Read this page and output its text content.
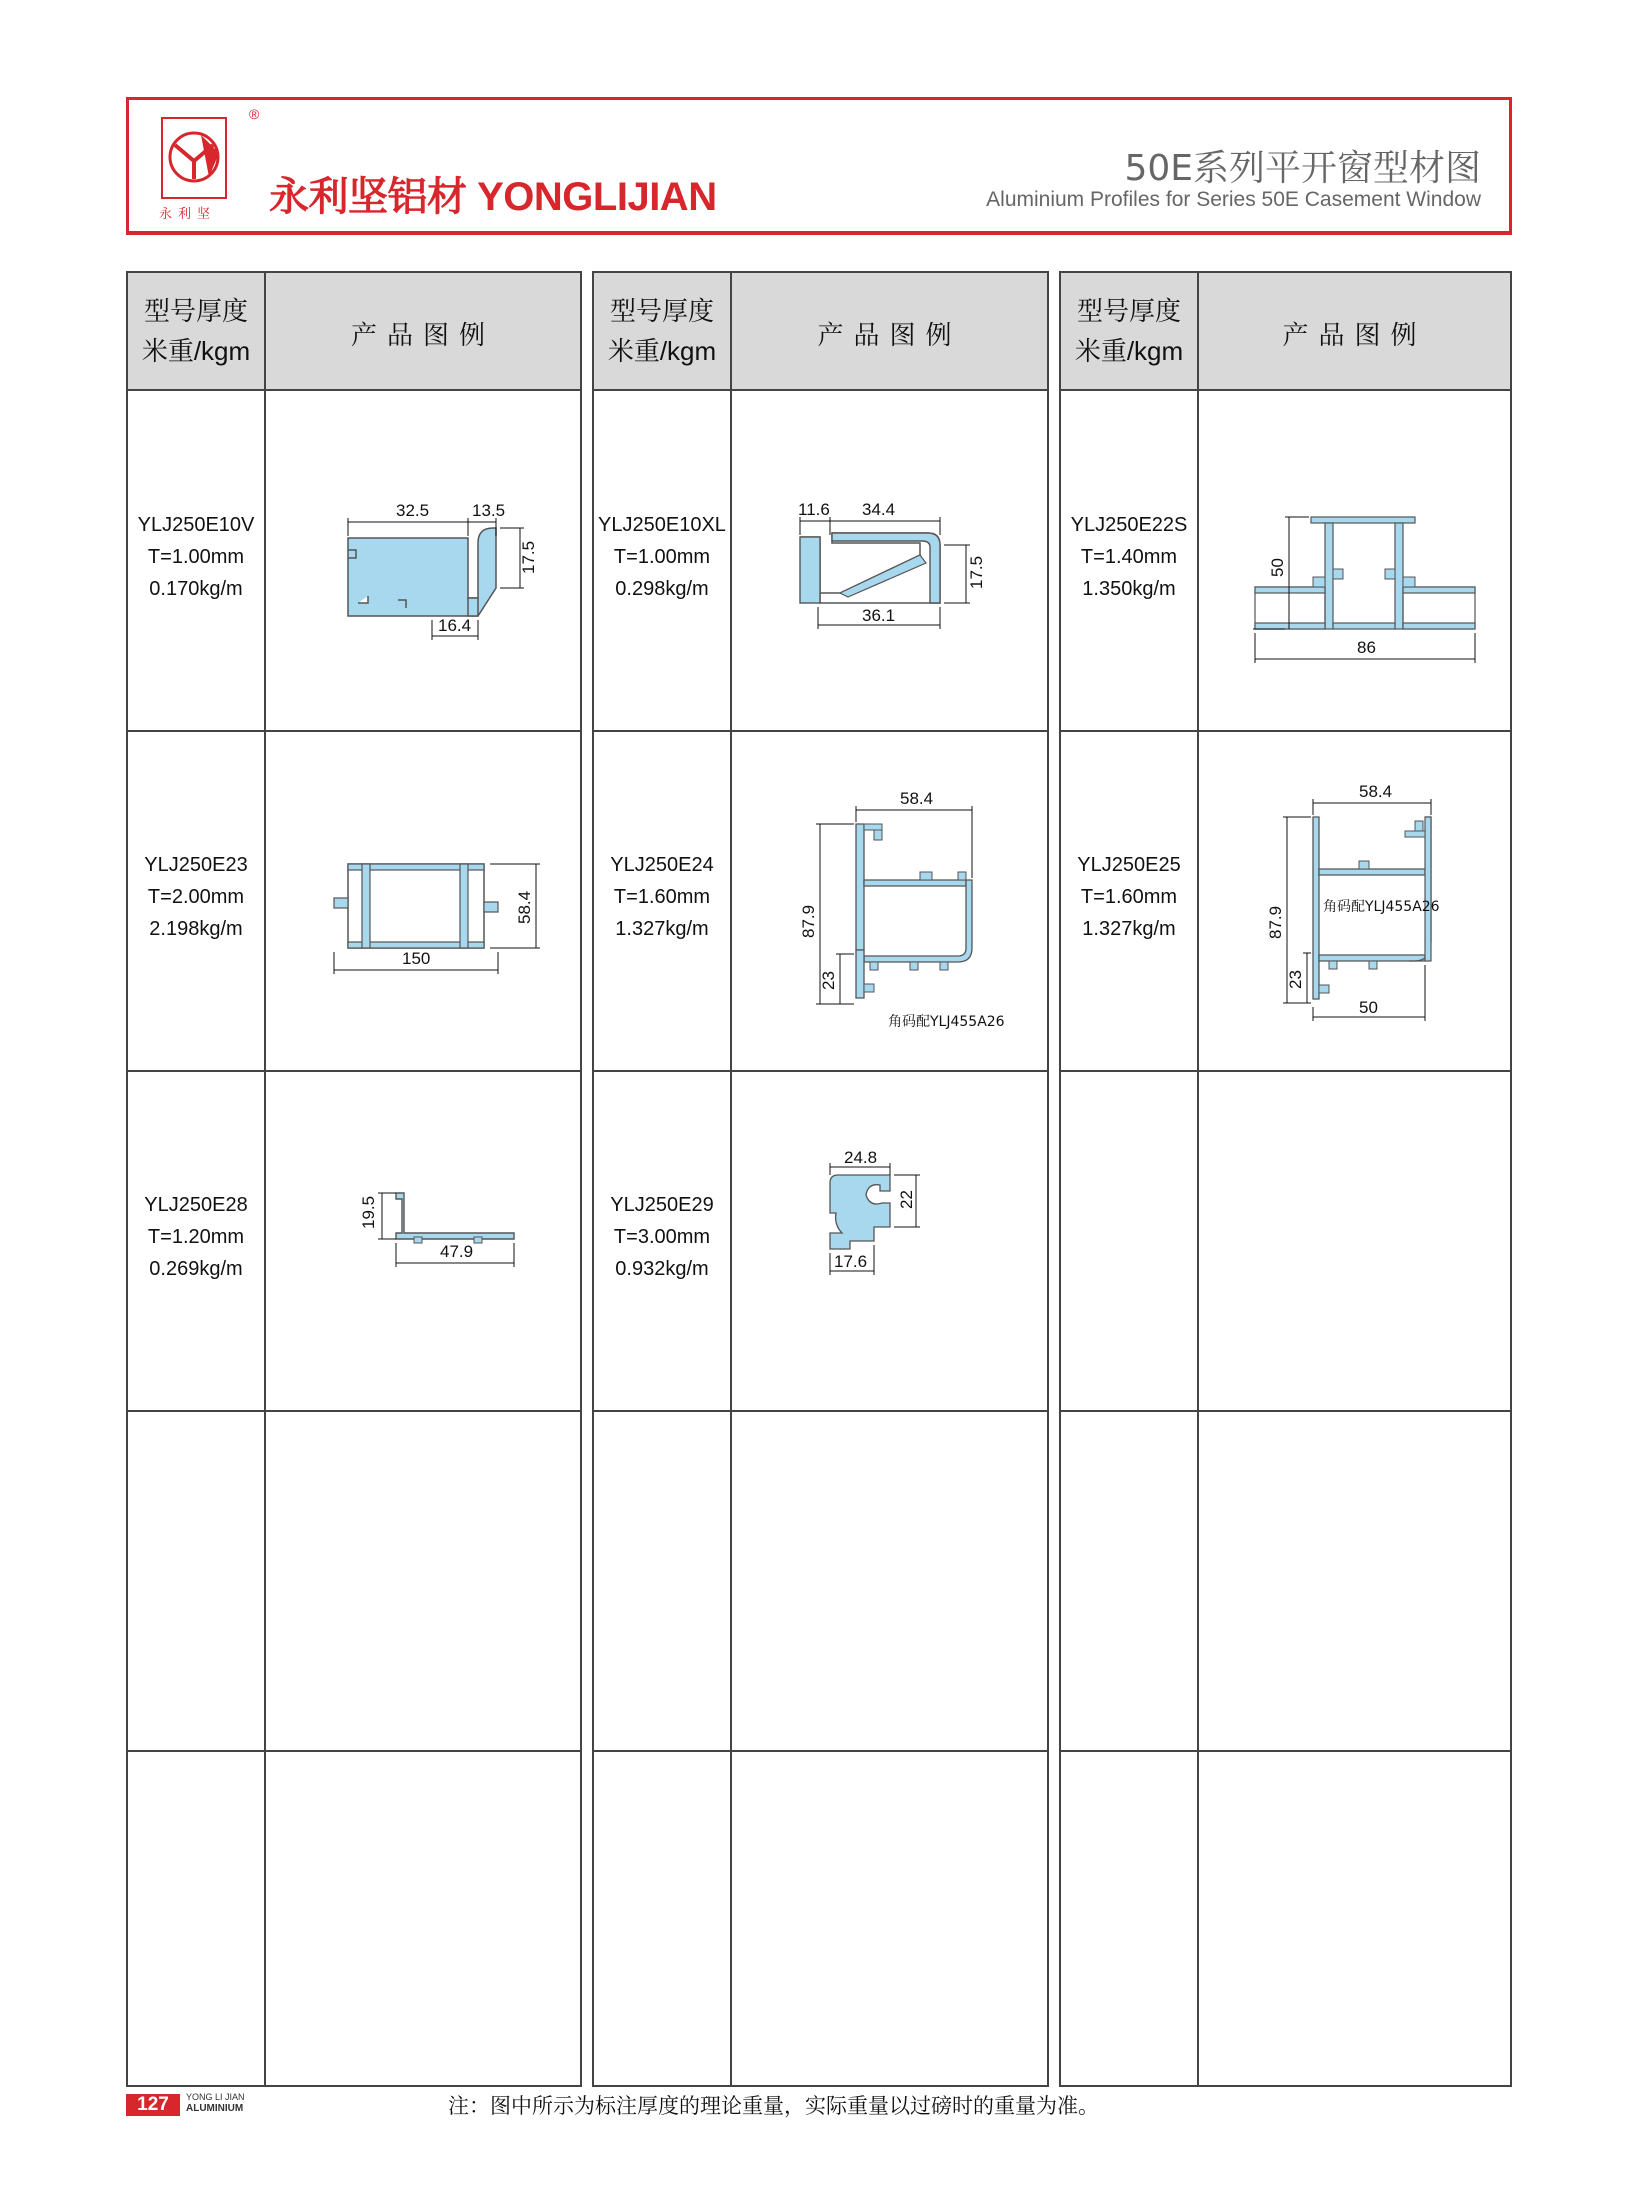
®
永利坚 永利坚铝材 YONGLIJIAN
50E系列平开窗型材图
Aluminium Profiles for Series 50E Casement Window
型号厚度
米重/kgm
产品图例
YLJ250E10V
T=1.00mm
0.170kg/m
32.5	13.5
17.5
16.4
YLJ250E23
T=2.00mm
2.198kg/m
150
58.4
YLJ250E28
T=1.20mm
0.269kg/m
19.5
47.9
型号厚度
米重/kgm
产品图例
YLJ250E10XL
T=1.00mm
0.298kg/m
11.6 34.4
17.5
36.1
YLJ250E24
T=1.60mm
1.327kg/m
58.4
87.9
23
角码配YLJ455A26
YLJ250E29
T=3.00mm
0.932kg/m
24.8
22
17.6
型号厚度
米重/kgm
产品图例
YLJ250E22S
T=1.40mm
1.350kg/m
50
86
YLJ250E25
T=1.60mm
1.327kg/m
58.4
87.9
23
50
角码配YLJ455A26
127	YONG LI JIAN
ALUMINIUM	注：图中所示为标注厚度的理论重量，实际重量以过磅时的重量为准。
